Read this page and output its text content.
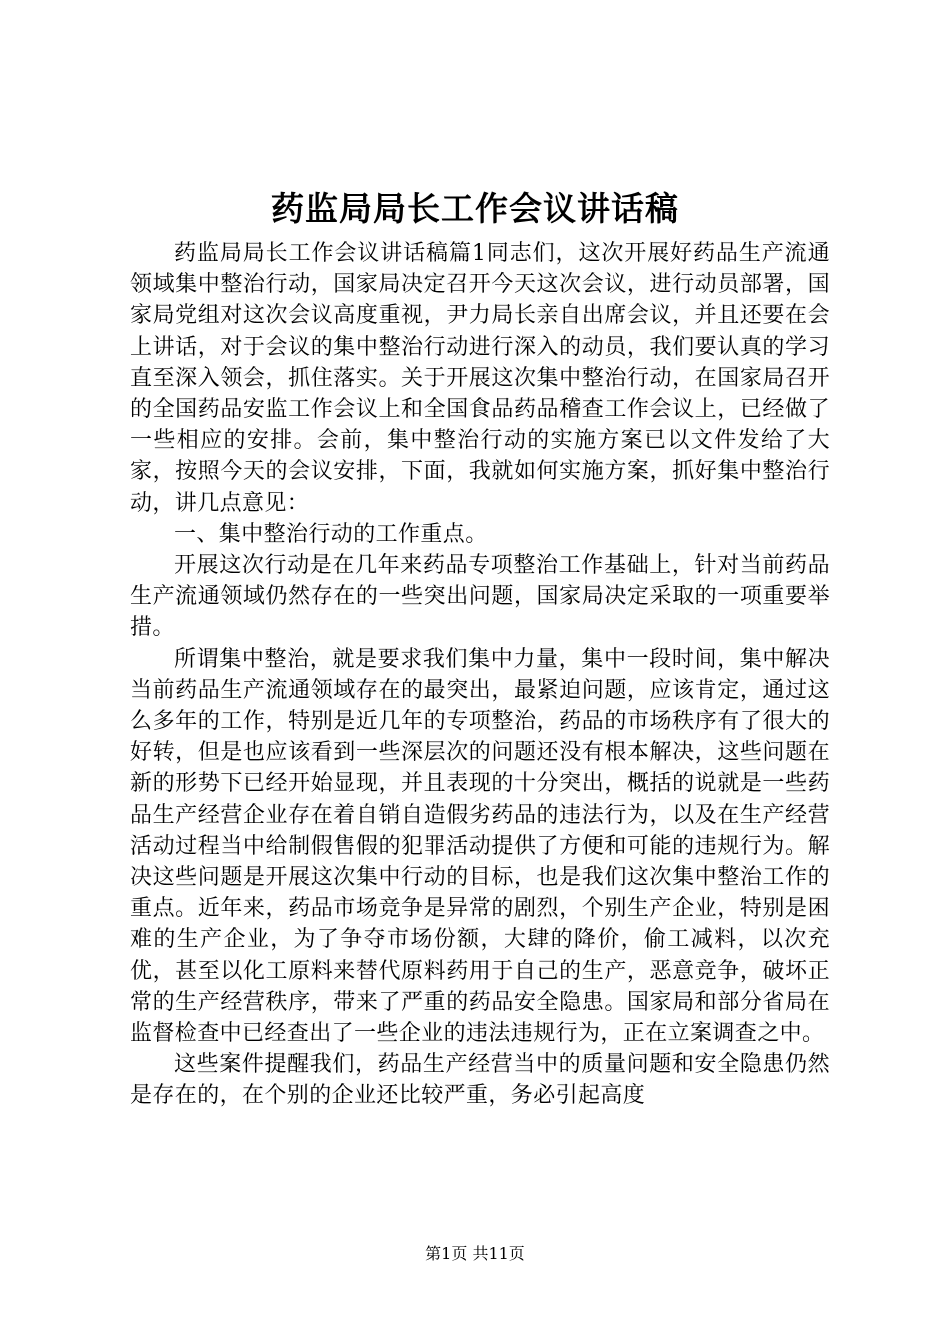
药监局局长工作会议讲话稿

药监局局长工作会议讲话稿篇1同志们，这次开展好药品生产流通领域集中整治行动，国家局决定召开今天这次会议，进行动员部署，国家局党组对这次会议高度重视，尹力局长亲自出席会议，并且还要在会上讲话，对于会议的集中整治行动进行深入的动员，我们要认真的学习直至深入领会，抓住落实。关于开展这次集中整治行动，在国家局召开的全国药品安监工作会议上和全国食品药品稽查工作会议上，已经做了一些相应的安排。会前，集中整治行动的实施方案已以文件发给了大家，按照今天的会议安排，下面，我就如何实施方案，抓好集中整治行动，讲几点意见：

一、集中整治行动的工作重点。

开展这次行动是在几年来药品专项整治工作基础上，针对当前药品生产流通领域仍然存在的一些突出问题，国家局决定采取的一项重要举措。

所谓集中整治，就是要求我们集中力量，集中一段时间，集中解决当前药品生产流通领域存在的最突出，最紧迫问题，应该肯定，通过这么多年的工作，特别是近几年的专项整治，药品的市场秩序有了很大的好转，但是也应该看到一些深层次的问题还没有根本解决，这些问题在新的形势下已经开始显现，并且表现的十分突出，概括的说就是一些药品生产经营企业存在着自销自造假劣药品的违法行为，以及在生产经营活动过程当中给制假售假的犯罪活动提供了方便和可能的违规行为。解决这些问题是开展这次集中行动的目标，也是我们这次集中整治工作的重点。近年来，药品市场竞争是异常的剧烈，个别生产企业，特别是困难的生产企业，为了争夺市场份额，大肆的降价，偷工减料，以次充优，甚至以化工原料来替代原料药用于自己的生产，恶意竞争，破坏正常的生产经营秩序，带来了严重的药品安全隐患。国家局和部分省局在监督检查中已经查出了一些企业的违法违规行为，正在立案调查之中。

这些案件提醒我们，药品生产经营当中的质量问题和安全隐患仍然是存在的，在个别的企业还比较严重，务必引起高度

第1页 共11页
